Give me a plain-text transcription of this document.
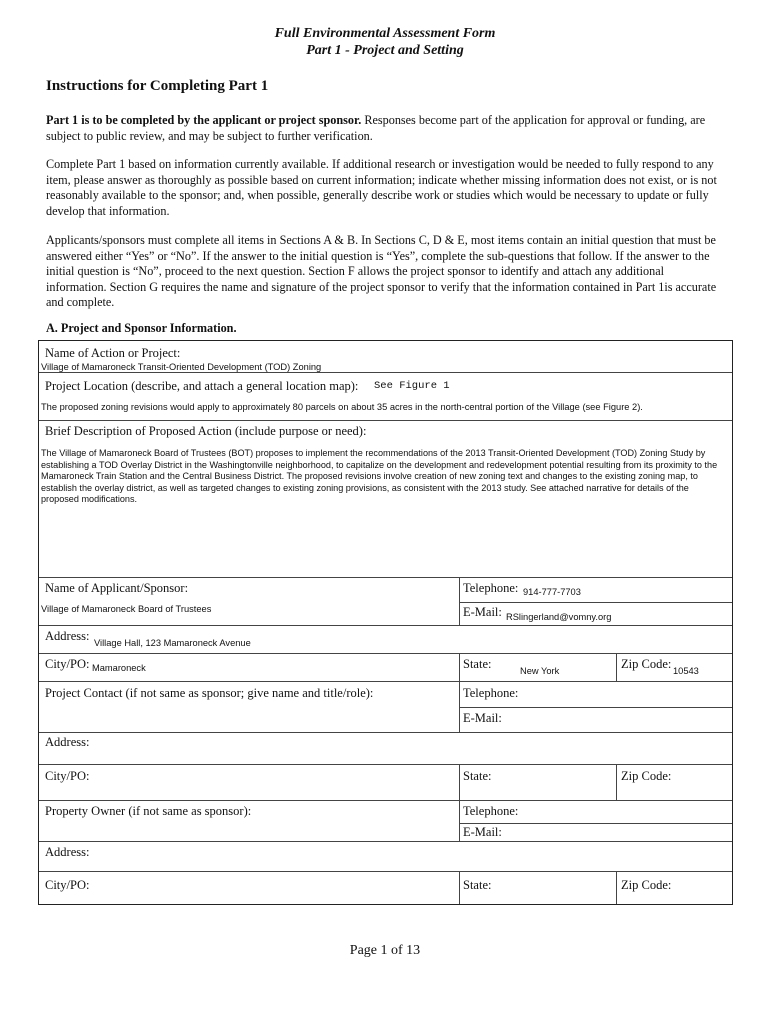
Full Environmental Assessment Form
Part 1 - Project and Setting
Instructions for Completing Part 1
Part 1 is to be completed by the applicant or project sponsor. Responses become part of the application for approval or funding, are subject to public review, and may be subject to further verification.
Complete Part 1 based on information currently available. If additional research or investigation would be needed to fully respond to any item, please answer as thoroughly as possible based on current information; indicate whether missing information does not exist, or is not reasonably available to the sponsor; and, when possible, generally describe work or studies which would be necessary to update or fully develop that information.
Applicants/sponsors must complete all items in Sections A & B. In Sections C, D & E, most items contain an initial question that must be answered either “Yes” or “No”. If the answer to the initial question is “Yes”, complete the sub-questions that follow. If the answer to the initial question is “No”, proceed to the next question. Section F allows the project sponsor to identify and attach any additional information. Section G requires the name and signature of the project sponsor to verify that the information contained in Part 1is accurate and complete.
A. Project and Sponsor Information.
Name of Action or Project:
Village of Mamaroneck Transit-Oriented Development (TOD) Zoning
Project Location (describe, and attach a general location map): See Figure 1
The proposed zoning revisions would apply to approximately 80 parcels on about 35 acres in the north-central portion of the Village (see Figure 2).
Brief Description of Proposed Action (include purpose or need):
The Village of Mamaroneck Board of Trustees (BOT) proposes to implement the recommendations of the 2013 Transit-Oriented Development (TOD) Zoning Study by establishing a TOD Overlay District in the Washingtonville neighborhood, to capitalize on the development and redevelopment potential resulting from its proximity to the Mamaroneck Train Station and the Central Business District. The proposed revisions involve creation of new zoning text and changes to the existing zoning map, to establish the overlay district, as well as targeted changes to existing zoning provisions, as consistent with the 2013 study. See attached narrative for details of the proposed modifications.
Name of Applicant/Sponsor:
Village of Mamaroneck Board of Trustees
Telephone: 914-777-7703
E-Mail: RSlingerland@vomny.org
Address: Village Hall, 123 Mamaroneck Avenue
City/PO: Mamaroneck	State:	New York	Zip Code: 10543
Project Contact (if not same as sponsor; give name and title/role):	Telephone:
E-Mail:
Address:
City/PO:	State:	Zip Code:
Property Owner (if not same as sponsor):	Telephone:
E-Mail:
Address:
City/PO:	State:	Zip Code:
Page 1 of 13
